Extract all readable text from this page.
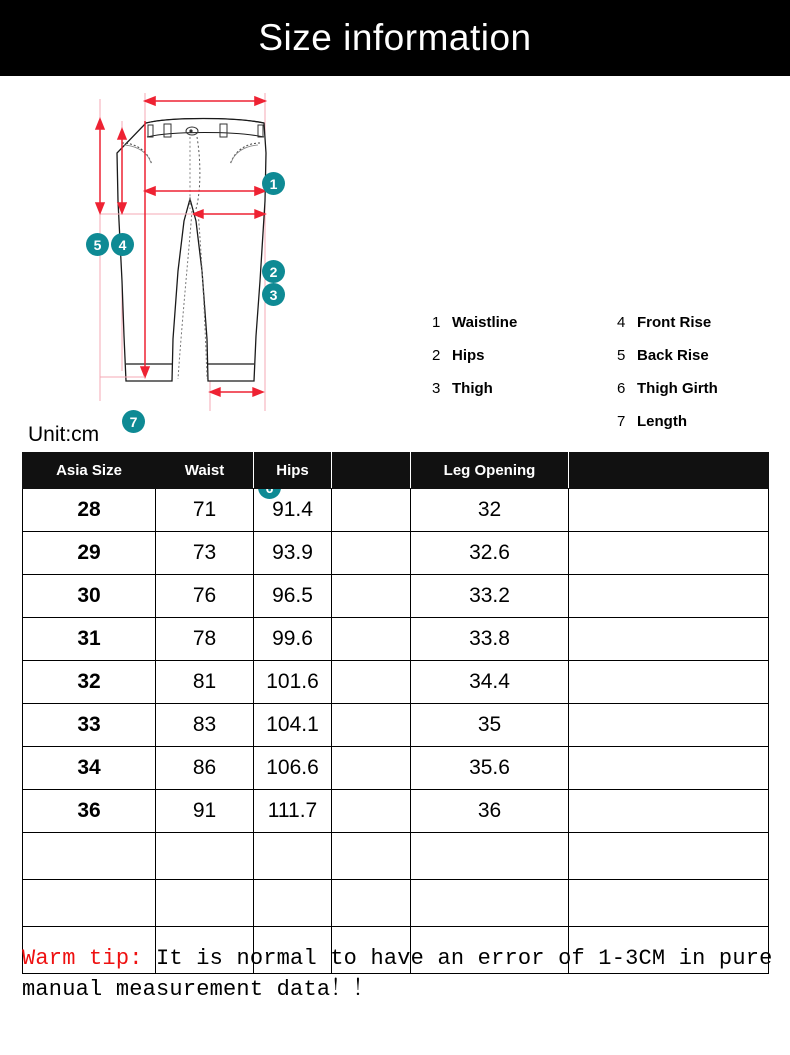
Size information
1
2
3
4
5
7
1 Waistline
2 Hips
3 Thigh
4 Front Rise
5 Back Rise
6 Thigh Girth
7 Length
Unit:cm
Asia Size	Waist	Hips		Leg Opening	
28	71	91.4		32	
29	73	93.9		32.6	
30	76	96.5		33.2	
31	78	99.6		33.8	
32	81	101.6		34.4	
33	83	104.1		35	
34	86	106.6		35.6	
36	91	111.7		36	

Warm tip: It is normal to have an error of 1-3CM in pure manual measurement data！！
